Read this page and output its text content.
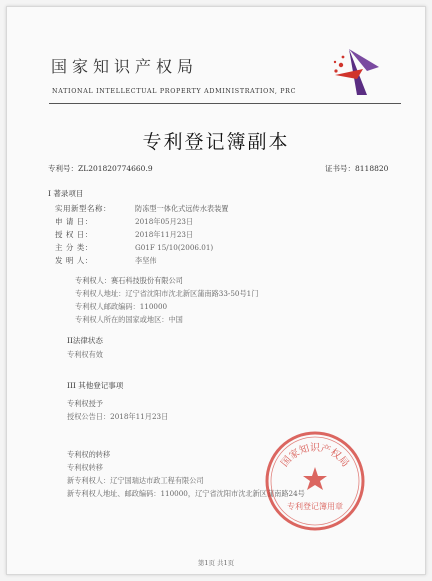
国家知识产权局
NATIONAL INTELLECTUAL PROPERTY ADMINISTRATION, PRC
专利登记簿副本
专利号：ZL201820774660.9	证书号：8118820
I 著录项目
实用新型名称：	防冻型一体化式远传水表装置
申 请 日：	2018年05月23日
授 权 日：	2018年11月23日
主 分 类：	G01F 15/10(2006.01)
发 明 人：	李坚伟
专利权人：赛石科技股份有限公司
专利权人地址：辽宁省沈阳市沈北新区蒲南路33-50号1门
专利权人邮政编码：110000
专利权人所在的国家或地区：中国
II法律状态
专利权有效
III 其他登记事项
专利权授予
授权公告日：2018年11月23日
专利权的转移
专利权转移
新专利权人：辽宁国瑞达市政工程有限公司
新专利权人地址、邮政编码：110000，辽宁省沈阳市沈北新区蒲南路24号
国家知识产权局
专利登记簿用章
第1页 共1页
